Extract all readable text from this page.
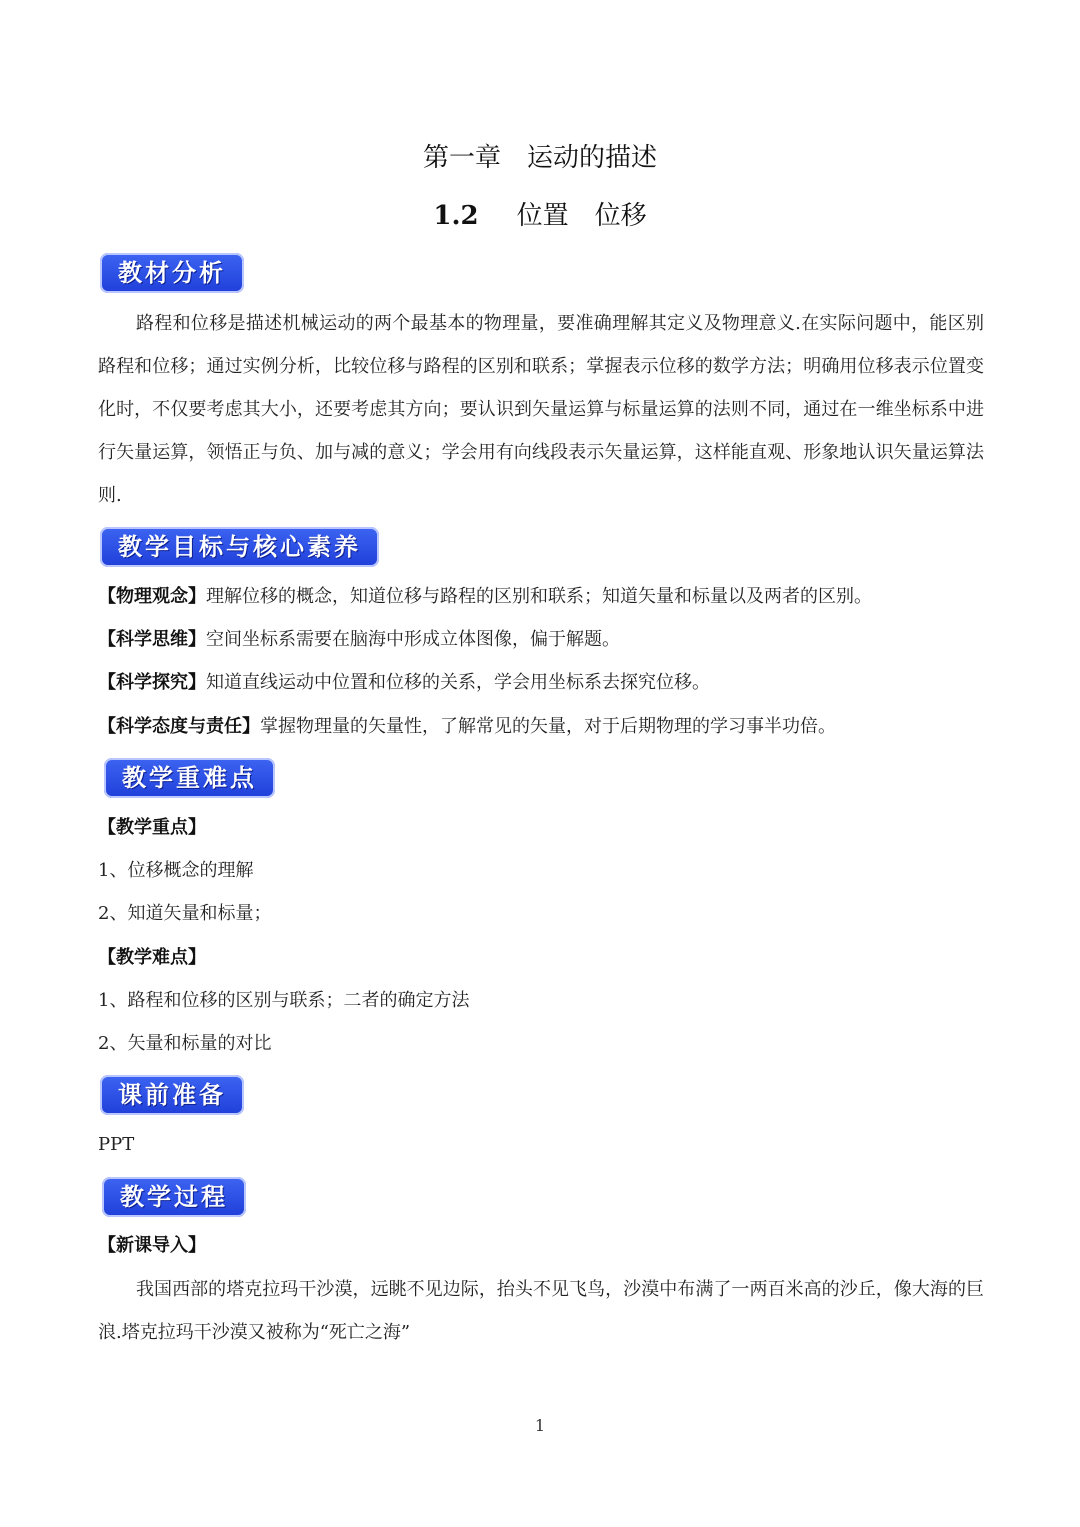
第一章 运动的描述
1.2 位置 位移
教材分析
路程和位移是描述机械运动的两个最基本的物理量，要准确理解其定义及物理意义.在实际问题中，能区别路程和位移；通过实例分析，比较位移与路程的区别和联系；掌握表示位移的数学方法；明确用位移表示位置变化时，不仅要考虑其大小，还要考虑其方向；要认识到矢量运算与标量运算的法则不同，通过在一维坐标系中进行矢量运算，领悟正与负、加与减的意义；学会用有向线段表示矢量运算，这样能直观、形象地认识矢量运算法则.
教学目标与核心素养
【物理观念】理解位移的概念，知道位移与路程的区别和联系；知道矢量和标量以及两者的区别。
【科学思维】空间坐标系需要在脑海中形成立体图像，偏于解题。
【科学探究】知道直线运动中位置和位移的关系，学会用坐标系去探究位移。
【科学态度与责任】掌握物理量的矢量性，了解常见的矢量，对于后期物理的学习事半功倍。
教学重难点
【教学重点】
1、位移概念的理解
2、知道矢量和标量；
【教学难点】
1、路程和位移的区别与联系；二者的确定方法
2、矢量和标量的对比
课前准备
PPT
教学过程
【新课导入】
我国西部的塔克拉玛干沙漠，远眺不见边际，抬头不见飞鸟，沙漠中布满了一两百米高的沙丘，像大海的巨浪.塔克拉玛干沙漠又被称为“死亡之海”
1
